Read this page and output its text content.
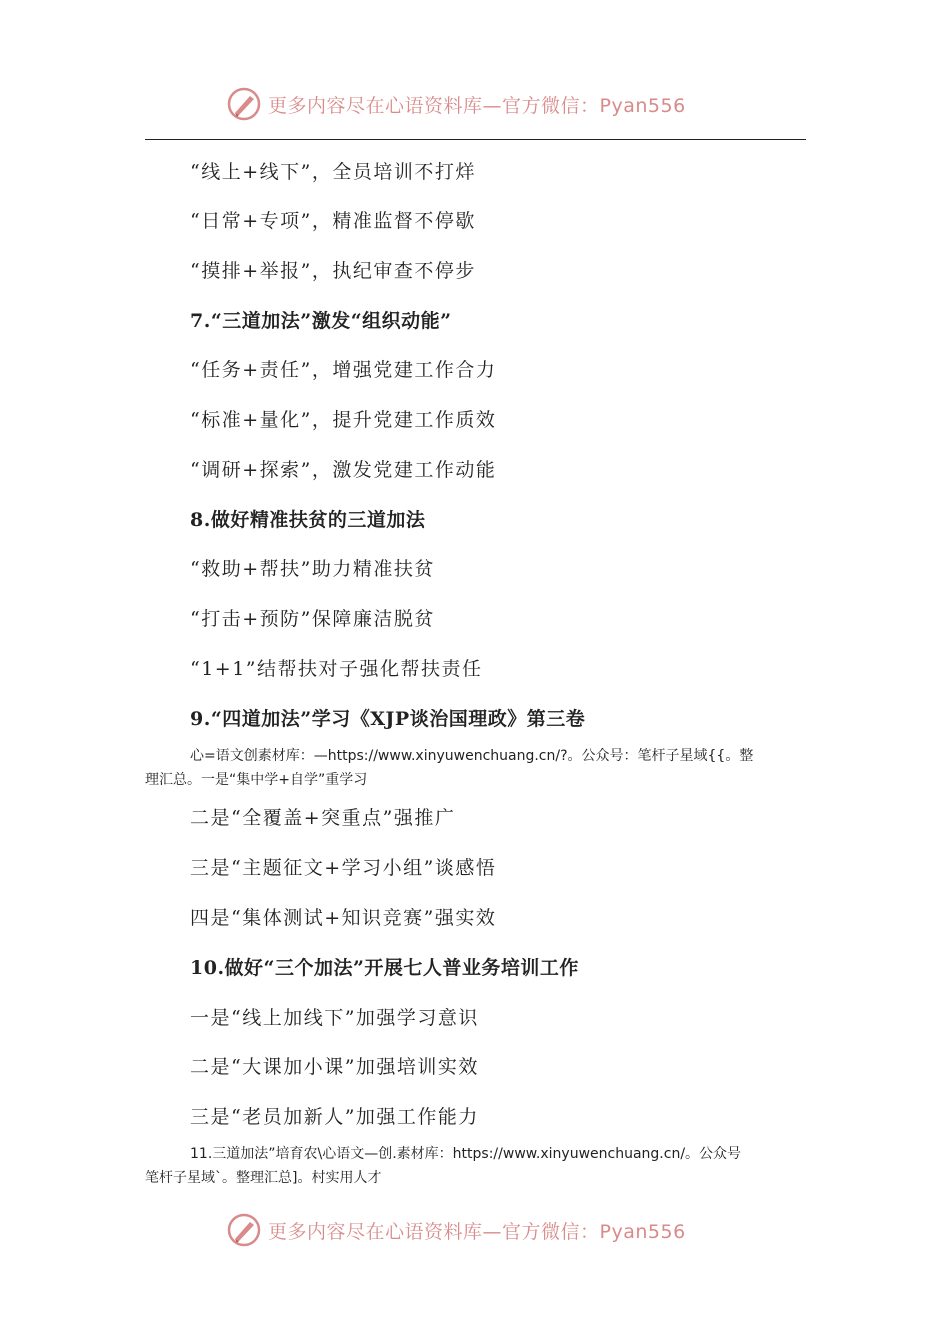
更多内容尽在心语资料库—官方微信：Pyan556
“线上+线下”，全员培训不打烊
“日常+专项”，精准监督不停歇
“摸排+举报”，执纪审查不停步
7.“三道加法”激发“组织动能”
“任务+责任”，增强党建工作合力
“标准+量化”，提升党建工作质效
“调研+探索”，激发党建工作动能
8.做好精准扶贫的三道加法
“救助+帮扶”助力精准扶贫
“打击+预防”保障廉洁脱贫
“1+1”结帮扶对子强化帮扶责任
9.“四道加法”学习《XJP谈治国理政》第三卷
心=语文创素材库：—https://www.xinyuwenchuang.cn/?。公众号：笔杆子星域{{。整
理汇总。一是“集中学+自学”重学习
二是“全覆盖+突重点”强推广
三是“主题征文+学习小组”谈感悟
四是“集体测试+知识竞赛”强实效
10.做好“三个加法”开展七人普业务培训工作
一是“线上加线下”加强学习意识
二是“大课加小课”加强培训实效
三是“老员加新人”加强工作能力
11.三道加法”培育农\心语文—创.素材库：https://www.xinyuwenchuang.cn/。公众号
笔杆子星域`。整理汇总]。村实用人才
更多内容尽在心语资料库—官方微信：Pyan556
